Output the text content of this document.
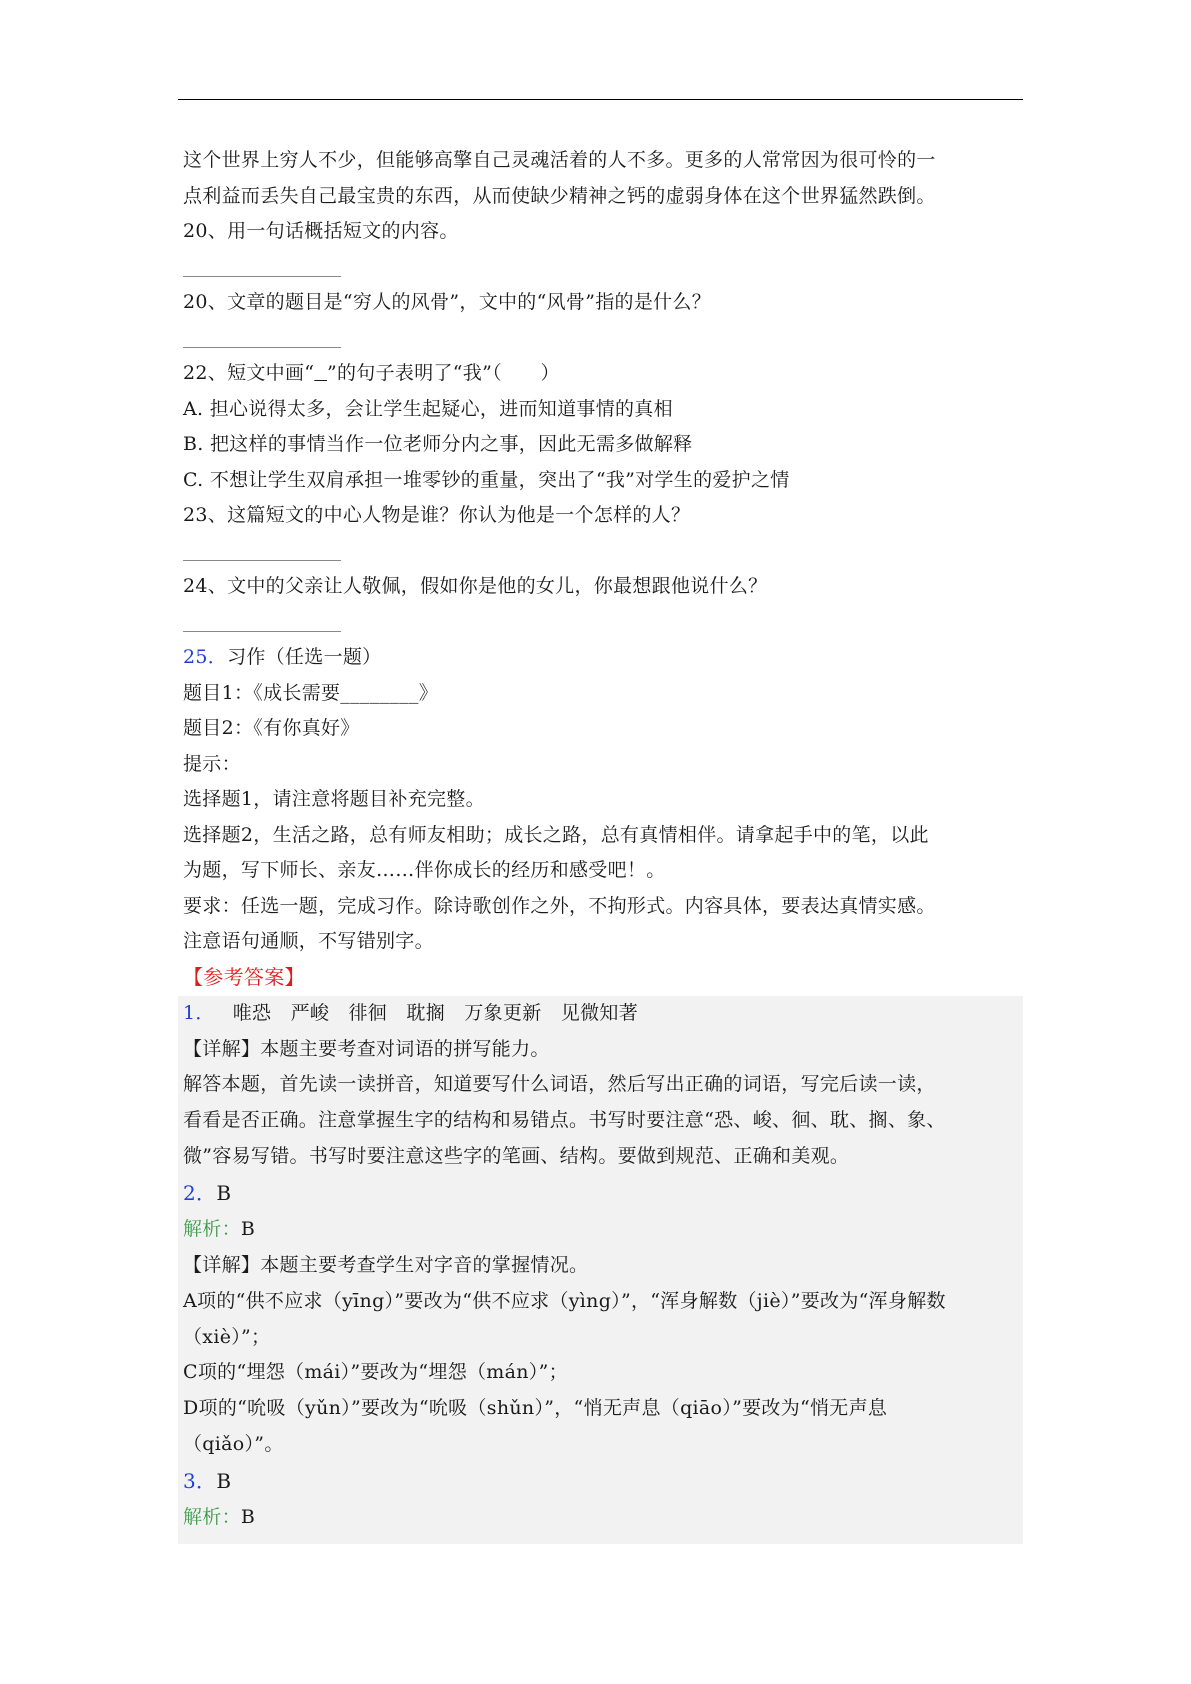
这个世界上穷人不少，但能够高擎自己灵魂活着的人不多。更多的人常常因为很可怜的一
点利益而丢失自己最宝贵的东西，从而使缺少精神之钙的虚弱身体在这个世界猛然跌倒。
20、用一句话概括短文的内容。
20、文章的题目是“穷人的风骨”，文中的“风骨”指的是什么？
22、短文中画“ ”的句子表明了“我”（　　）
A. 担心说得太多，会让学生起疑心，进而知道事情的真相
B. 把这样的事情当作一位老师分内之事，因此无需多做解释
C. 不想让学生双肩承担一堆零钞的重量，突出了“我”对学生的爱护之情
23、这篇短文的中心人物是谁？你认为他是一个怎样的人？
24、文中的父亲让人敬佩，假如你是他的女儿，你最想跟他说什么？
25．习作（任选一题）
题目1：《成长需要________》
题目2：《有你真好》
提示：
选择题1，请注意将题目补充完整。
选择题2，生活之路，总有师友相助；成长之路，总有真情相伴。请拿起手中的笔，以此
为题，写下师长、亲友……伴你成长的经历和感受吧！。
要求：任选一题，完成习作。除诗歌创作之外，不拘形式。内容具体，要表达真情实感。
注意语句通顺，不写错别字。
【参考答案】
1． 唯恐　严峻　徘徊　耽搁　万象更新　见微知著
【详解】本题主要考查对词语的拼写能力。
解答本题，首先读一读拼音，知道要写什么词语，然后写出正确的词语，写完后读一读，
看看是否正确。注意掌握生字的结构和易错点。书写时要注意“恐、峻、徊、耽、搁、象、
微”容易写错。书写时要注意这些字的笔画、结构。要做到规范、正确和美观。
2．B
解析：B
【详解】本题主要考查学生对字音的掌握情况。
A项的“供不应求（yīng）”要改为“供不应求（yìng）”，“浑身解数（jiè）”要改为“浑身解数
（xiè）”；
C项的“埋怨（mái）”要改为“埋怨（mán）”；
D项的“吮吸（yǔn）”要改为“吮吸（shǔn）”，“悄无声息（qiāo）”要改为“悄无声息
（qiǎo）”。
3．B
解析：B
